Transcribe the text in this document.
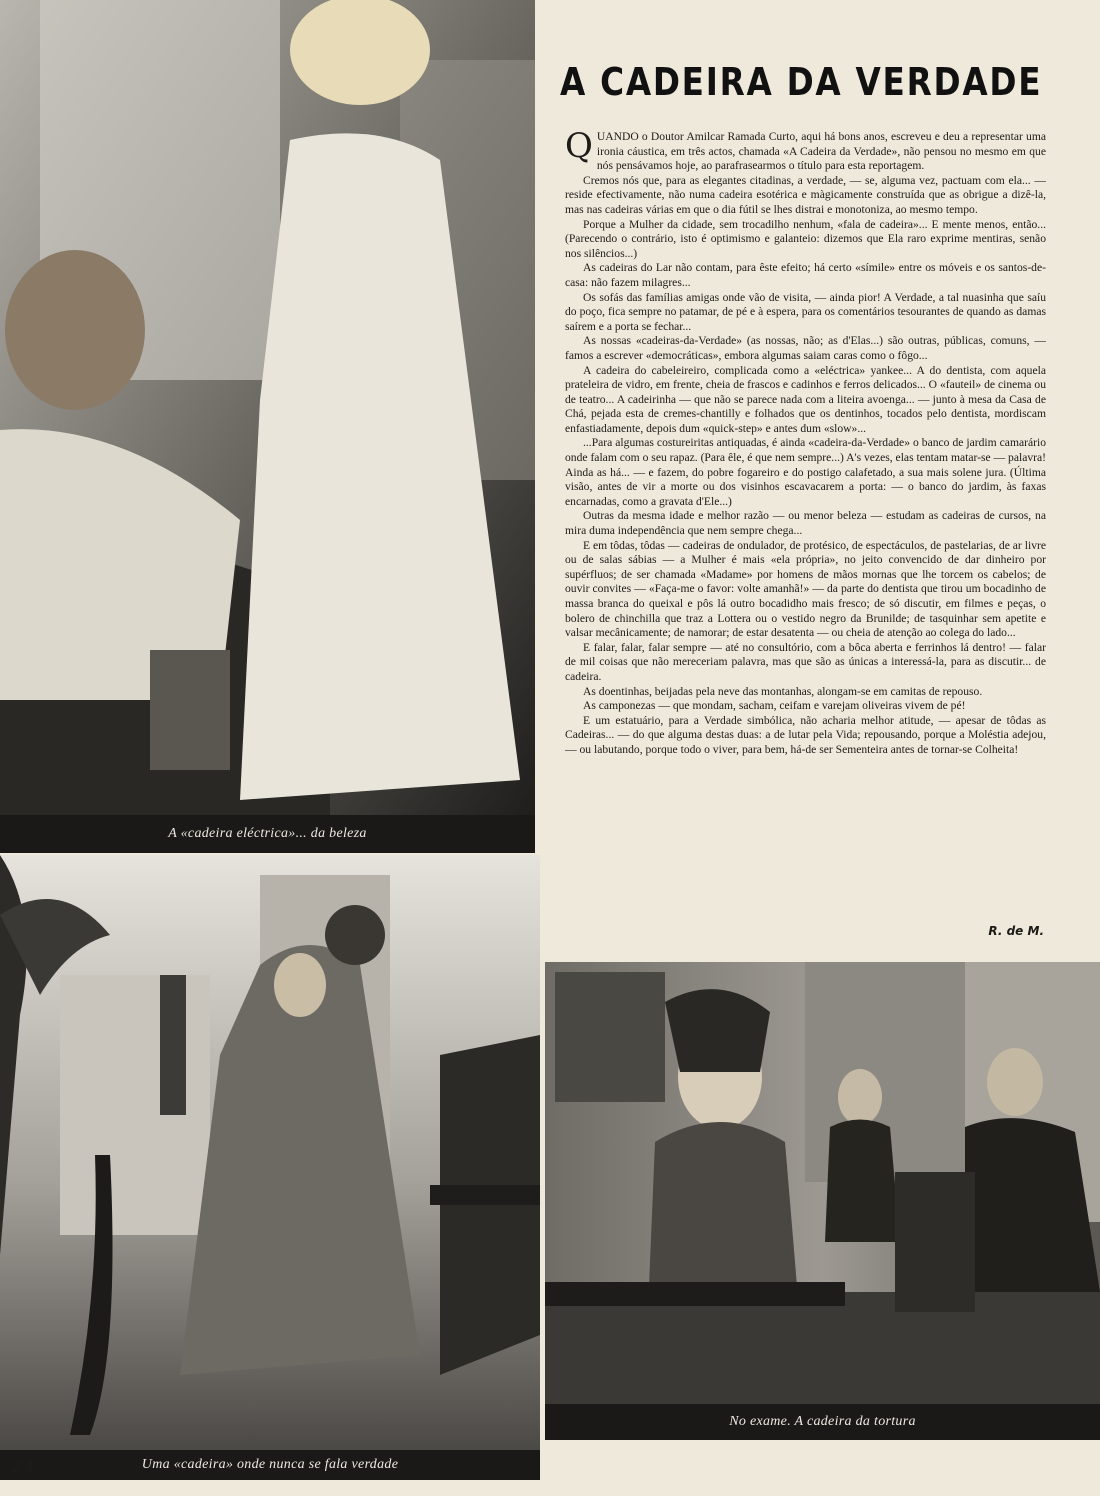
A «cadeira eléctrica»... da beleza
A CADEIRA DA VERDADE

QUANDO o Doutor Amilcar Ramada Curto, aqui há bons anos, escreveu e deu a representar uma ironia cáustica, em três actos, chamada «A Cadeira da Verdade», não pensou no mesmo em que nós pensávamos hoje, ao parafrasearmos o título para esta reportagem.

Cremos nós que, para as elegantes citadinas, a verdade, — se, alguma vez, pactuam com ela... — reside efectivamente, não numa cadeira esotérica e màgicamente construída que as obrigue a dizê-la, mas nas cadeiras várias em que o dia fútil se lhes distrai e monotoniza, ao mesmo tempo.

Porque a Mulher da cidade, sem trocadilho nenhum, «fala de cadeira»... E mente menos, então... (Parecendo o contrário, isto é optimismo e galanteio: dizemos que Ela raro exprime mentiras, senão nos silêncios...)

As cadeiras do Lar não contam, para êste efeito; há certo «símile» entre os móveis e os santos-de-casa: não fazem milagres...

Os sofás das famílias amigas onde vão de visita, — ainda pior! A Verdade, a tal nuasinha que saíu do poço, fica sempre no patamar, de pé e à espera, para os comentários tesourantes de quando as damas saírem e a porta se fechar...

As nossas «cadeiras-da-Verdade» (as nossas, não; as d'Elas...) são outras, públicas, comuns, — famos a escrever «democráticas», embora algumas saiam caras como o fôgo...

A cadeira do cabeleireiro, complicada como a «eléctrica» yankee... A do dentista, com aquela prateleira de vidro, em frente, cheia de frascos e cadinhos e ferros delicados... O «fauteil» de cinema ou de teatro... A cadeirinha — que não se parece nada com a liteira avoenga... — junto à mesa da Casa de Chá, pejada esta de cremes-chantilly e folhados que os dentinhos, tocados pelo dentista, mordiscam enfastiadamente, depois dum «quick-step» e antes dum «slow»...

...Para algumas costureiritas antiquadas, é ainda «cadeira-da-Verdade» o banco de jardim camarário onde falam com o seu rapaz. (Para êle, é que nem sempre...) A's vezes, elas tentam matar-se — palavra! Ainda as há... — e fazem, do pobre fogareiro e do postigo calafetado, a sua mais solene jura. (Última visão, antes de vir a morte ou dos visinhos escavacarem a porta: — o banco do jardim, às faxas encarnadas, como a gravata d'Ele...)

Outras da mesma idade e melhor razão — ou menor beleza — estudam as cadeiras de cursos, na mira duma independência que nem sempre chega...

E em tôdas, tôdas — cadeiras de ondulador, de protésico, de espectáculos, de pastelarias, de ar livre ou de salas sábias — a Mulher é mais «ela própria», no jeito convencido de dar dinheiro por supérfluos; de ser chamada «Madame» por homens de mãos mornas que lhe torcem os cabelos; de ouvir convites — «Faça-me o favor: volte amanhã!» — da parte do dentista que tirou um bocadinho de massa branca do queixal e pôs lá outro bocadidho mais fresco; de só discutir, em filmes e peças, o bolero de chinchilla que traz a Lottera ou o vestido negro da Brunilde; de tasquinhar sem apetite e valsar mecânicamente; de namorar; de estar desatenta — ou cheia de atenção ao colega do lado...

E falar, falar, falar sempre — até no consultório, com a bôca aberta e ferrinhos lá dentro! — falar de mil coisas que não mereceriam palavra, mas que são as únicas a interessá-la, para as discutir... de cadeira.

As doentinhas, beijadas pela neve das montanhas, alongam-se em camitas de repouso.

As camponezas — que mondam, sacham, ceifam e varejam oliveiras vivem de pé!

E um estatuário, para a Verdade simbólica, não acharia melhor atitude, — apesar de tôdas as Cadeiras... — do que alguma destas duas: a de lutar pela Vida; repousando, porque a Moléstia adejou, — ou labutando, porque todo o viver, para bem, há-de ser Sementeira antes de tornar-se Colheita!

R. de M.
Uma «cadeira» onde nunca se fala verdade
No exame. A cadeira da tortura
24
